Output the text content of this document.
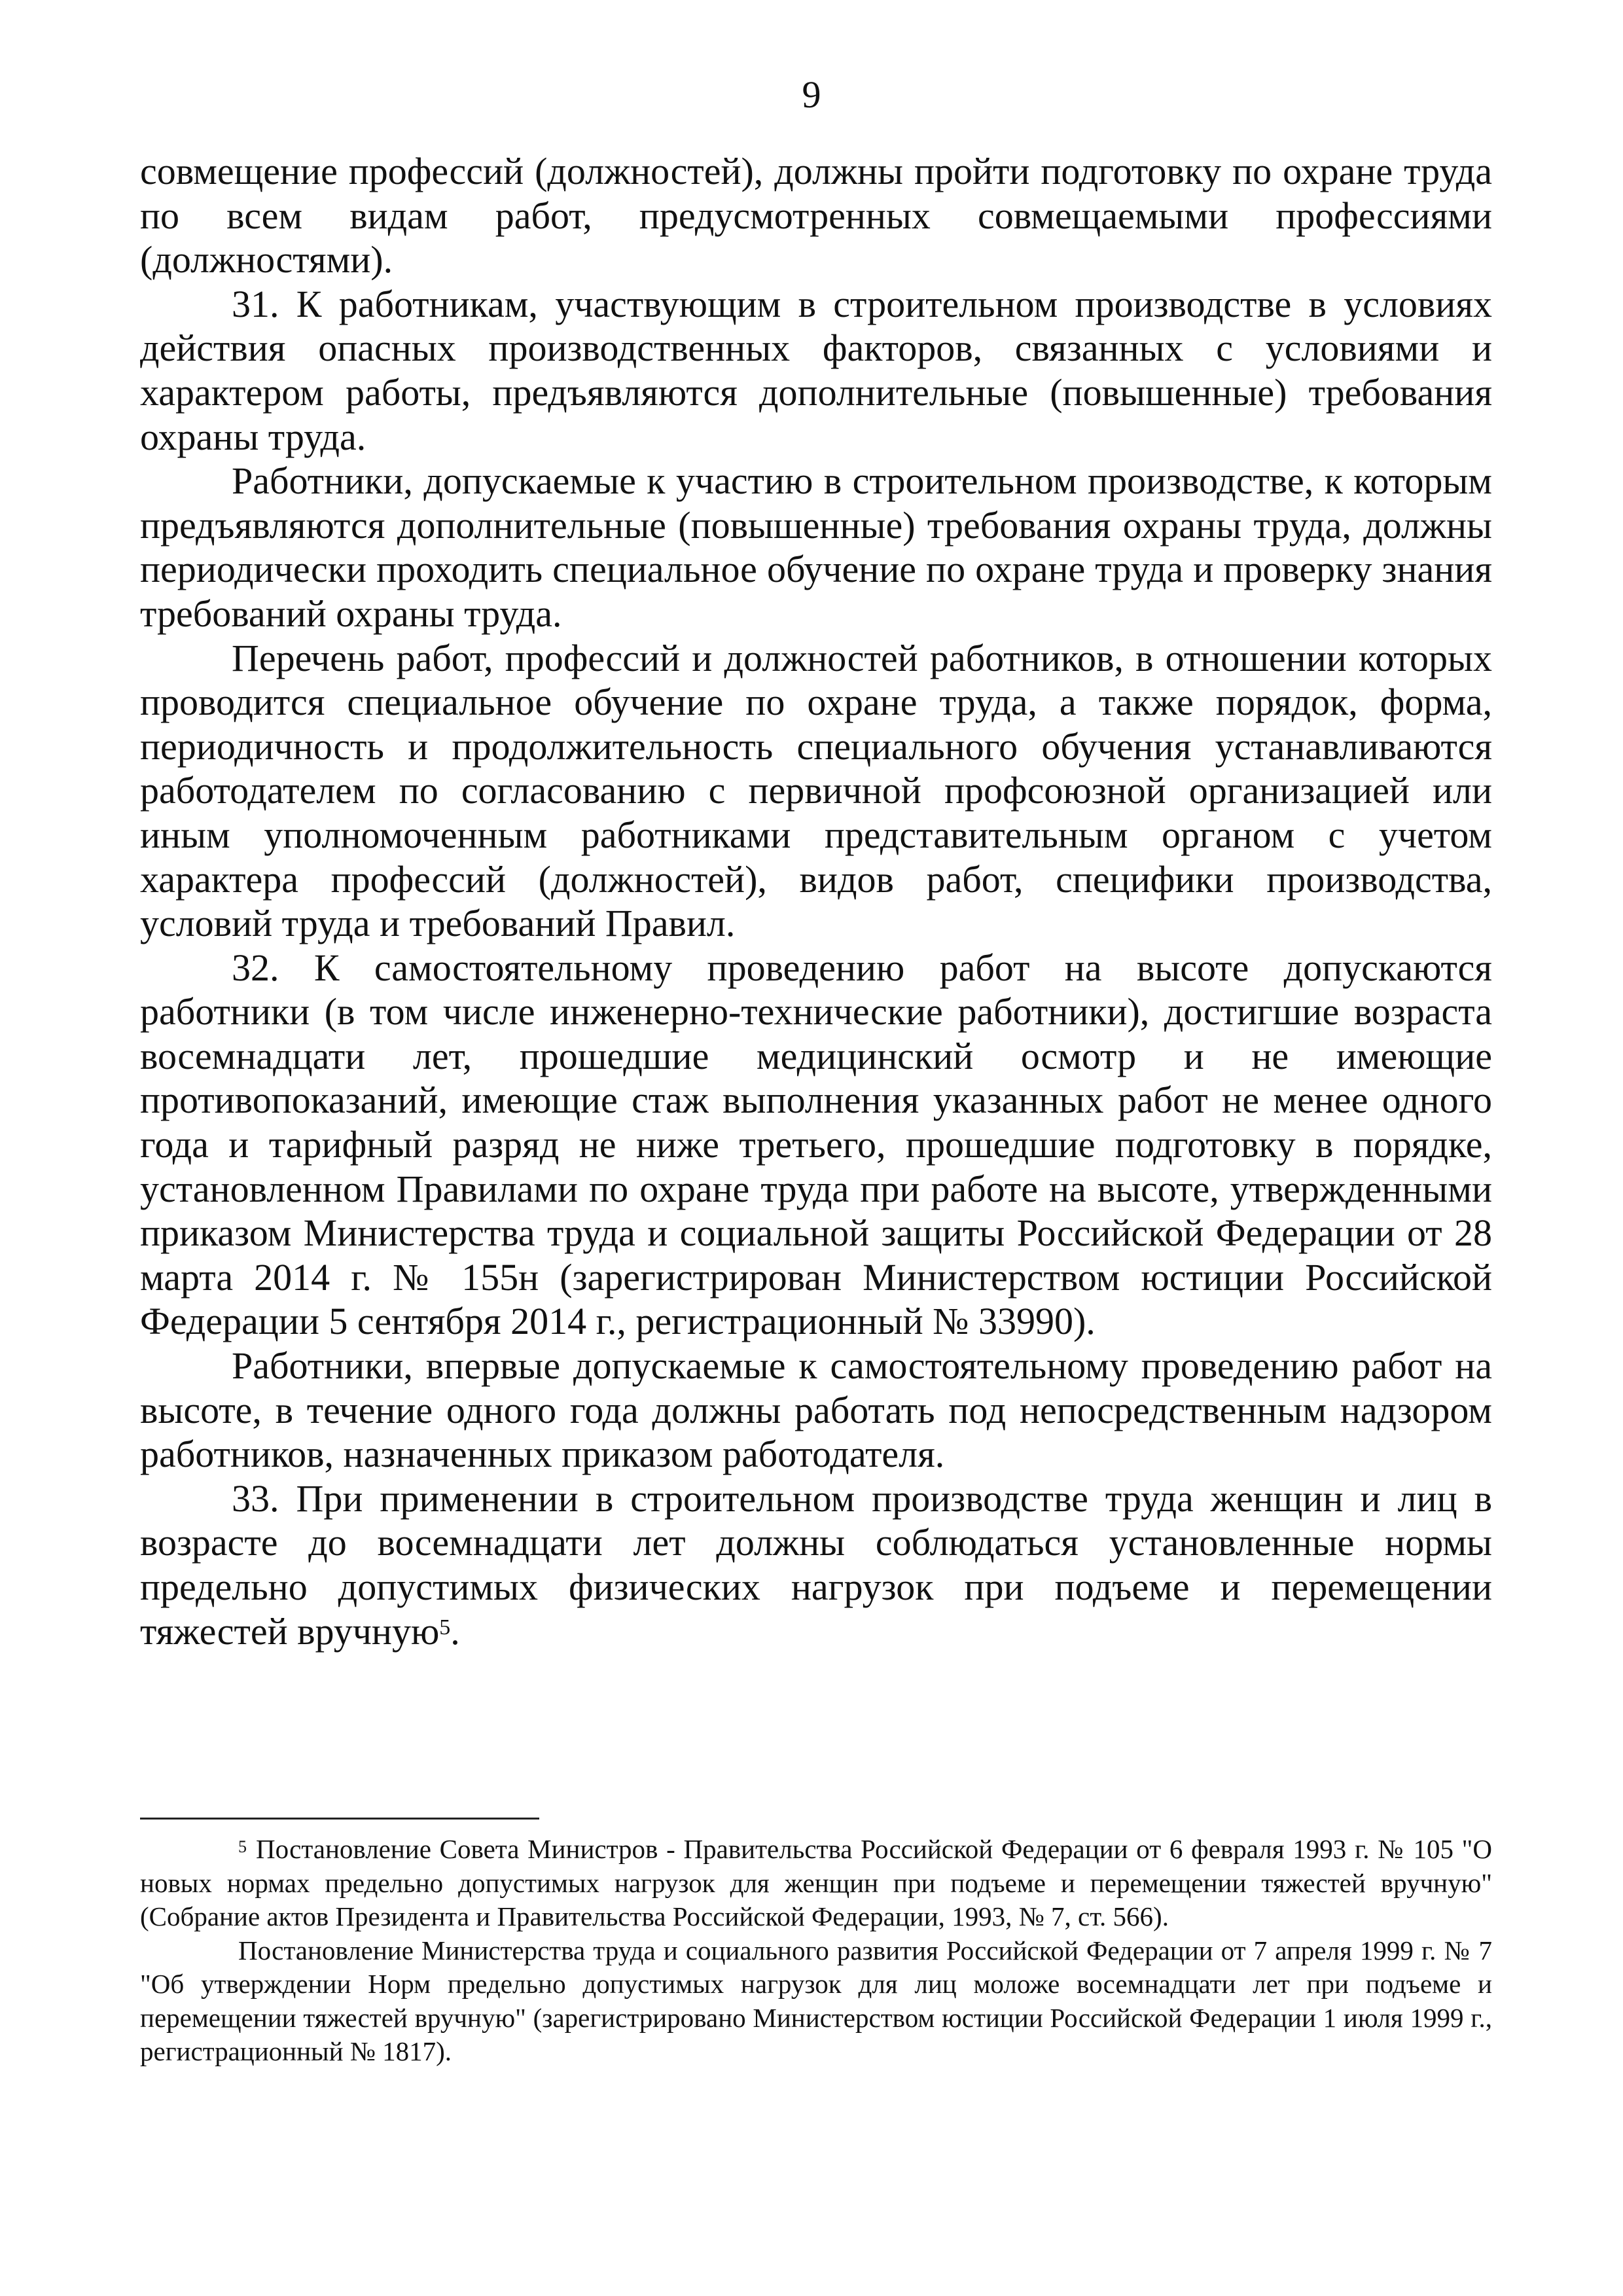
9

совмещение профессий (должностей), должны пройти подготовку по охране труда по всем видам работ, предусмотренных совмещаемыми профессиями (должностями).

31. К работникам, участвующим в строительном производстве в условиях действия опасных производственных факторов, связанных с условиями и характером работы, предъявляются дополнительные (повышенные) требования охраны труда.

Работники, допускаемые к участию в строительном производстве, к которым предъявляются дополнительные (повышенные) требования охраны труда, должны периодически проходить специальное обучение по охране труда и проверку знания требований охраны труда.

Перечень работ, профессий и должностей работников, в отношении которых проводится специальное обучение по охране труда, а также порядок, форма, периодичность и продолжительность специального обучения устанавливаются работодателем по согласованию с первичной профсоюзной организацией или иным уполномоченным работниками представительным органом с учетом характера профессий (должностей), видов работ, специфики производства, условий труда и требований Правил.

32. К самостоятельному проведению работ на высоте допускаются работники (в том числе инженерно-технические работники), достигшие возраста восемнадцати лет, прошедшие медицинский осмотр и не имеющие противопоказаний, имеющие стаж выполнения указанных работ не менее одного года и тарифный разряд не ниже третьего, прошедшие подготовку в порядке, установленном Правилами по охране труда при работе на высоте, утвержденными приказом Министерства труда и социальной защиты Российской Федерации от 28 марта 2014 г. № 155н (зарегистрирован Министерством юстиции Российской Федерации 5 сентября 2014 г., регистрационный № 33990).

Работники, впервые допускаемые к самостоятельному проведению работ на высоте, в течение одного года должны работать под непосредственным надзором работников, назначенных приказом работодателя.

33. При применении в строительном производстве труда женщин и лиц в возрасте до восемнадцати лет должны соблюдаться установленные нормы предельно допустимых физических нагрузок при подъеме и перемещении тяжестей вручную$^5$.

$^5$ Постановление Совета Министров - Правительства Российской Федерации от 6 февраля 1993 г. № 105 "О новых нормах предельно допустимых нагрузок для женщин при подъеме и перемещении тяжестей вручную" (Собрание актов Президента и Правительства Российской Федерации, 1993, № 7, ст. 566).

Постановление Министерства труда и социального развития Российской Федерации от 7 апреля 1999 г. № 7 "Об утверждении Норм предельно допустимых нагрузок для лиц моложе восемнадцати лет при подъеме и перемещении тяжестей вручную" (зарегистрировано Министерством юстиции Российской Федерации 1 июля 1999 г., регистрационный № 1817).
